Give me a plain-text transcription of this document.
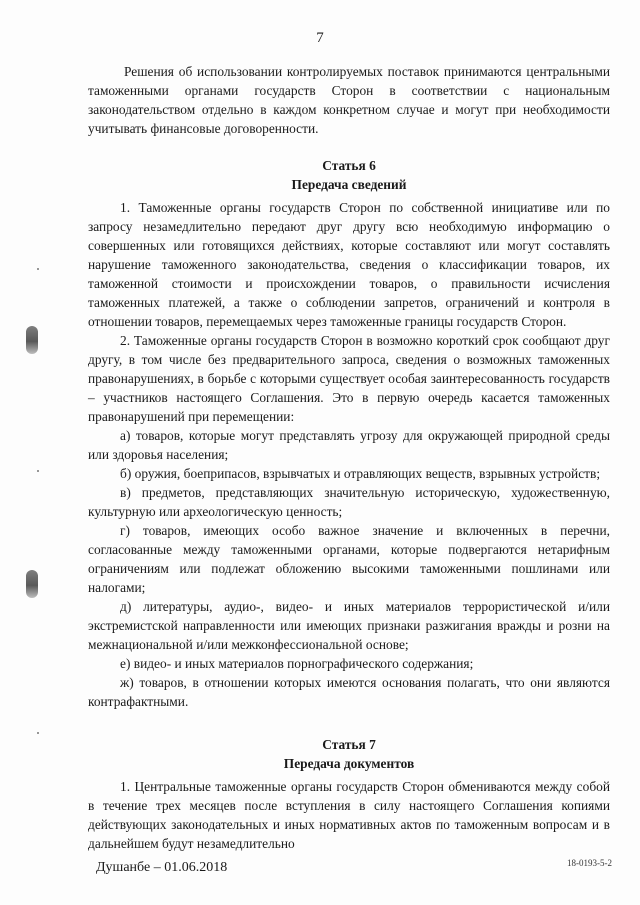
7

Решения об использовании контролируемых поставок принимаются центральными таможенными органами государств Сторон в соответствии с национальным законодательством отдельно в каждом конкретном случае и могут при необходимости учитывать финансовые договоренности.

Статья 6
Передача сведений

1. Таможенные органы государств Сторон по собственной инициативе или по запросу незамедлительно передают друг другу всю необходимую информацию о совершенных или готовящихся действиях, которые составляют или могут составлять нарушение таможенного законодательства, сведения о классификации товаров, их таможенной стоимости и происхождении товаров, о правильности исчисления таможенных платежей, а также о соблюдении запретов, ограничений и контроля в отношении товаров, перемещаемых через таможенные границы государств Сторон.

2. Таможенные органы государств Сторон в возможно короткий срок сообщают друг другу, в том числе без предварительного запроса, сведения о возможных таможенных правонарушениях, в борьбе с которыми существует особая заинтересованность государств – участников настоящего Соглашения. Это в первую очередь касается таможенных правонарушений при перемещении:

а) товаров, которые могут представлять угрозу для окружающей природной среды или здоровья населения;

б) оружия, боеприпасов, взрывчатых и отравляющих веществ, взрывных устройств;

в) предметов, представляющих значительную историческую, художественную, культурную или археологическую ценность;

г) товаров, имеющих особо важное значение и включенных в перечни, согласованные между таможенными органами, которые подвергаются нетарифным ограничениям или подлежат обложению высокими таможенными пошлинами или налогами;

д) литературы, аудио-, видео- и иных материалов террористической и/или экстремистской направленности или имеющих признаки разжигания вражды и розни на межнациональной и/или межконфессиональной основе;

е) видео- и иных материалов порнографического содержания;

ж) товаров, в отношении которых имеются основания полагать, что они являются контрафактными.

Статья 7
Передача документов

1. Центральные таможенные органы государств Сторон обмениваются между собой в течение трех месяцев после вступления в силу настоящего Соглашения копиями действующих законодательных и иных нормативных актов по таможенным вопросам и в дальнейшем будут незамедлительно

Душанбе – 01.06.2018	18-0193-5-2
